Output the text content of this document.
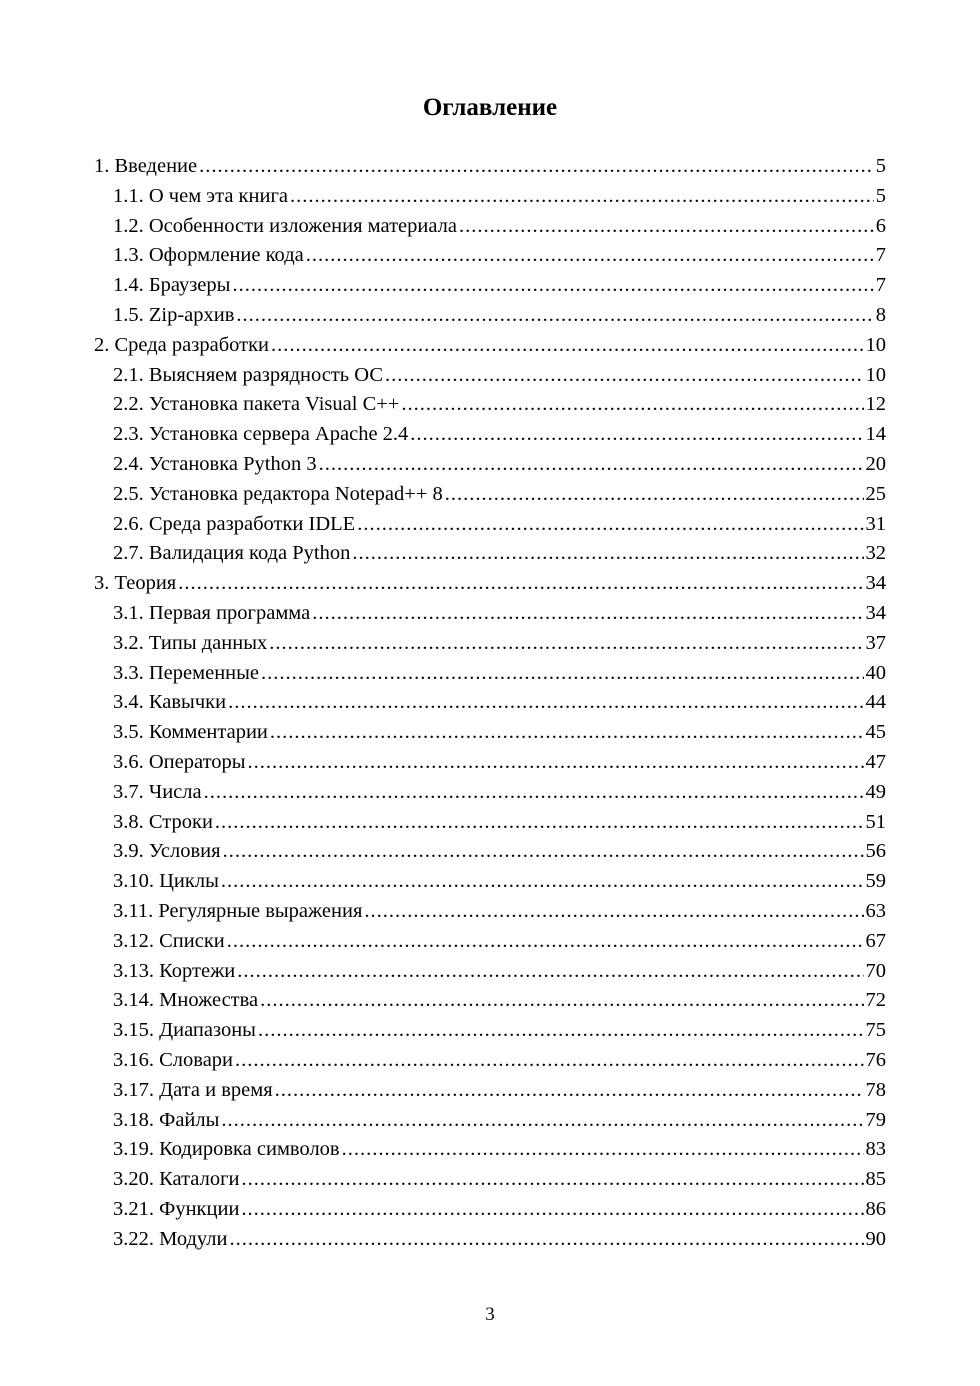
Оглавление
1. Введение .....	5
1.1. О чем эта книга .....	5
1.2. Особенности изложения материала .....	6
1.3. Оформление кода .....	7
1.4. Браузеры .....	7
1.5. Zip-архив .....	8
2. Среда разработки .....	10
2.1. Выясняем разрядность ОС .....	10
2.2. Установка пакета Visual C++ .....	12
2.3. Установка сервера Apache 2.4 .....	14
2.4. Установка Python 3 .....	20
2.5. Установка редактора Notepad++ 8 .....	25
2.6. Среда разработки IDLE .....	31
2.7. Валидация кода Python .....	32
3. Теория .....	34
3.1. Первая программа .....	34
3.2. Типы данных .....	37
3.3. Переменные .....	40
3.4. Кавычки .....	44
3.5. Комментарии .....	45
3.6. Операторы .....	47
3.7. Числа .....	49
3.8. Строки .....	51
3.9. Условия .....	56
3.10. Циклы .....	59
3.11. Регулярные выражения .....	63
3.12. Списки .....	67
3.13. Кортежи .....	70
3.14. Множества .....	72
3.15. Диапазоны .....	75
3.16. Словари .....	76
3.17. Дата и время .....	78
3.18. Файлы .....	79
3.19. Кодировка символов .....	83
3.20. Каталоги .....	85
3.21. Функции .....	86
3.22. Модули .....	90
3
